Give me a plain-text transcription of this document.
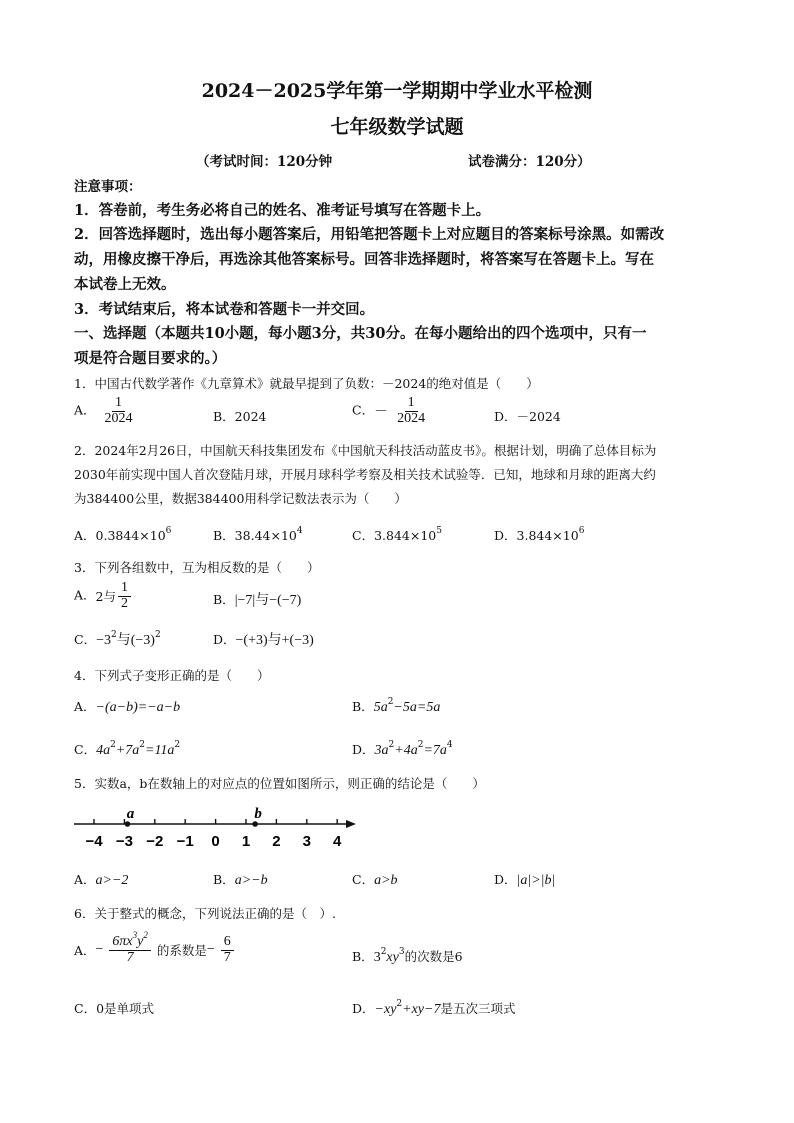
2024－2025学年第一学期期中学业水平检测
七年级数学试题
（考试时间：120分钟	试卷满分：120分）
注意事项：
1．答卷前，考生务必将自己的姓名、准考证号填写在答题卡上。
2．回答选择题时，选出每小题答案后，用铅笔把答题卡上对应题目的答案标号涂黑。如需改
动，用橡皮擦干净后，再选涂其他答案标号。回答非选择题时，将答案写在答题卡上。写在
本试卷上无效。
3．考试结束后，将本试卷和答题卡一并交回。
一、选择题（本题共10小题，每小题3分，共30分。在每小题给出的四个选项中，只有一
项是符合题目要求的。）
1．中国古代数学著作《九章算术》就最早提到了负数：－2024的绝对值是（　　）
A． $\frac{1}{2024}$	B．2024	C．－ $\frac{1}{2024}$	D．－2024
2．2024年2月26日，中国航天科技集团发布《中国航天科技活动蓝皮书》。根据计划，明确了总体目标为
2030年前实现中国人首次登陆月球，开展月球科学考察及相关技术试验等．已知，地球和月球的距离大约
为384400公里，数据384400用科学记数法表示为（　　）
A．$0.3844\times 10^6$	B．$38.44\times 10^4$	C．$3.844\times 10^5$	D．$3.844\times 10^6$
3．下列各组数中，互为相反数的是（　　）
A．2与 $\frac{1}{2}$	B．|−7|与−(−7)
C．$-3^2$与$(-3)^2$	D．−(+3)与+(−3)
4．下列式子变形正确的是（　　）
A．−(a−b)=−a−b	B．$5a^2-5a=5a$
C．$4a^2+7a^2=11a^2$	D．$3a^2+4a^2=7a^4$
5．实数a，b在数轴上的对应点的位置如图所示，则正确的结论是（　　）
−4 −3 −2 −1 0 1 2 3 4
a	b
A．a>−2	B．a>−b	C．a>b	D．|a|>|b|
6．关于整式的概念，下列说法正确的是（　）.
A．− $\frac{6\pi x^3y^2}{7}$ 的系数是− $\frac{6}{7}$	B．$3^2xy^3$的次数是6
C．0是单项式	D．$-xy^2+xy-7$是五次三项式
